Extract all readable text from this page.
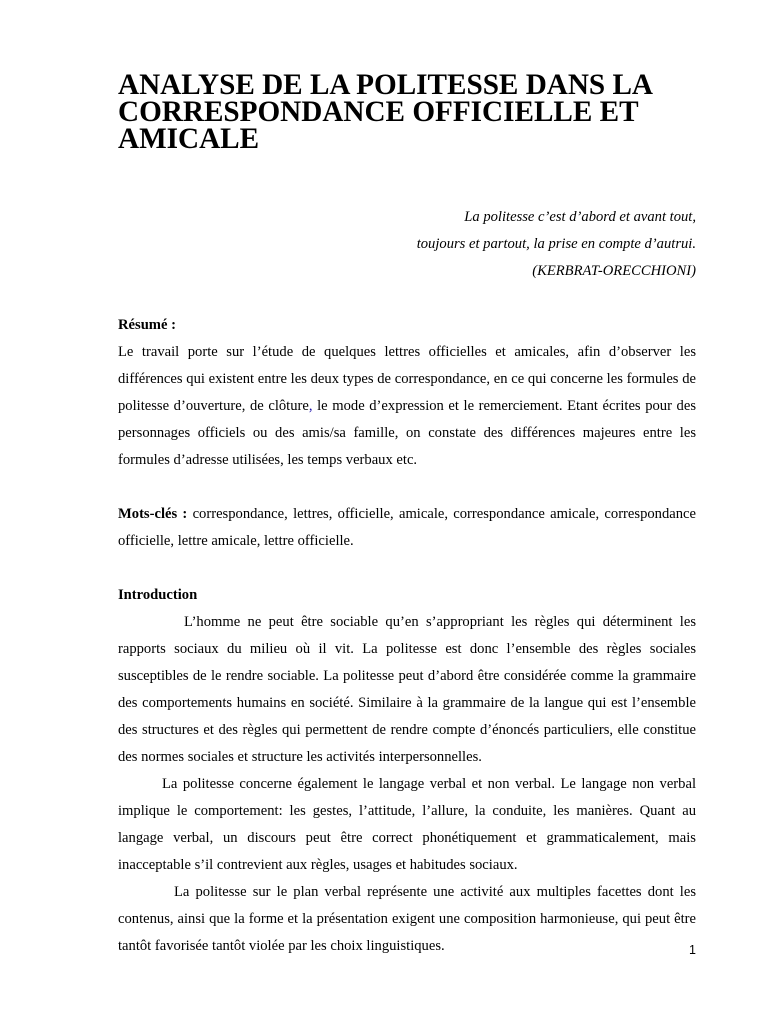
ANALYSE DE LA POLITESSE DANS LA CORRESPONDANCE OFFICIELLE ET AMICALE
La politesse c’est d’abord et avant tout,
toujours et partout, la prise en compte d’autrui.
(KERBRAT-ORECCHIONI)
Résumé :

Le travail porte sur l’étude de quelques lettres officielles et amicales, afin d’observer les différences qui existent entre les deux types de correspondance, en ce qui concerne les formules de politesse d’ouverture, de clôture, le mode d’expression et le remerciement. Etant écrites pour des personnages officiels ou des amis/sa famille, on constate des différences majeures entre les formules d’adresse utilisées, les temps verbaux etc.

Mots-clés : correspondance, lettres, officielle, amicale, correspondance amicale, correspondance officielle, lettre amicale, lettre officielle.

Introduction

L’homme ne peut être sociable qu’en s’appropriant les règles qui déterminent les rapports sociaux du milieu où il vit. La politesse est donc l’ensemble des règles sociales susceptibles de le rendre sociable. La politesse peut d’abord être considérée comme la grammaire des comportements humains en société. Similaire à la grammaire de la langue qui est l’ensemble des structures et des règles qui permettent de rendre compte d’énoncés particuliers, elle constitue des normes sociales et structure les activités interpersonnelles.

La politesse concerne également le langage verbal et non verbal. Le langage non verbal implique le comportement: les gestes, l’attitude, l’allure, la conduite, les manières. Quant au langage verbal, un discours peut être correct phonétiquement et grammaticalement, mais inacceptable s’il contrevient aux règles, usages et habitudes sociaux.

La politesse sur le plan verbal représente une activité aux multiples facettes dont les contenus, ainsi que la forme et la présentation exigent une composition harmonieuse, qui peut être tantôt favorisée tantôt violée par les choix linguistiques.	1
